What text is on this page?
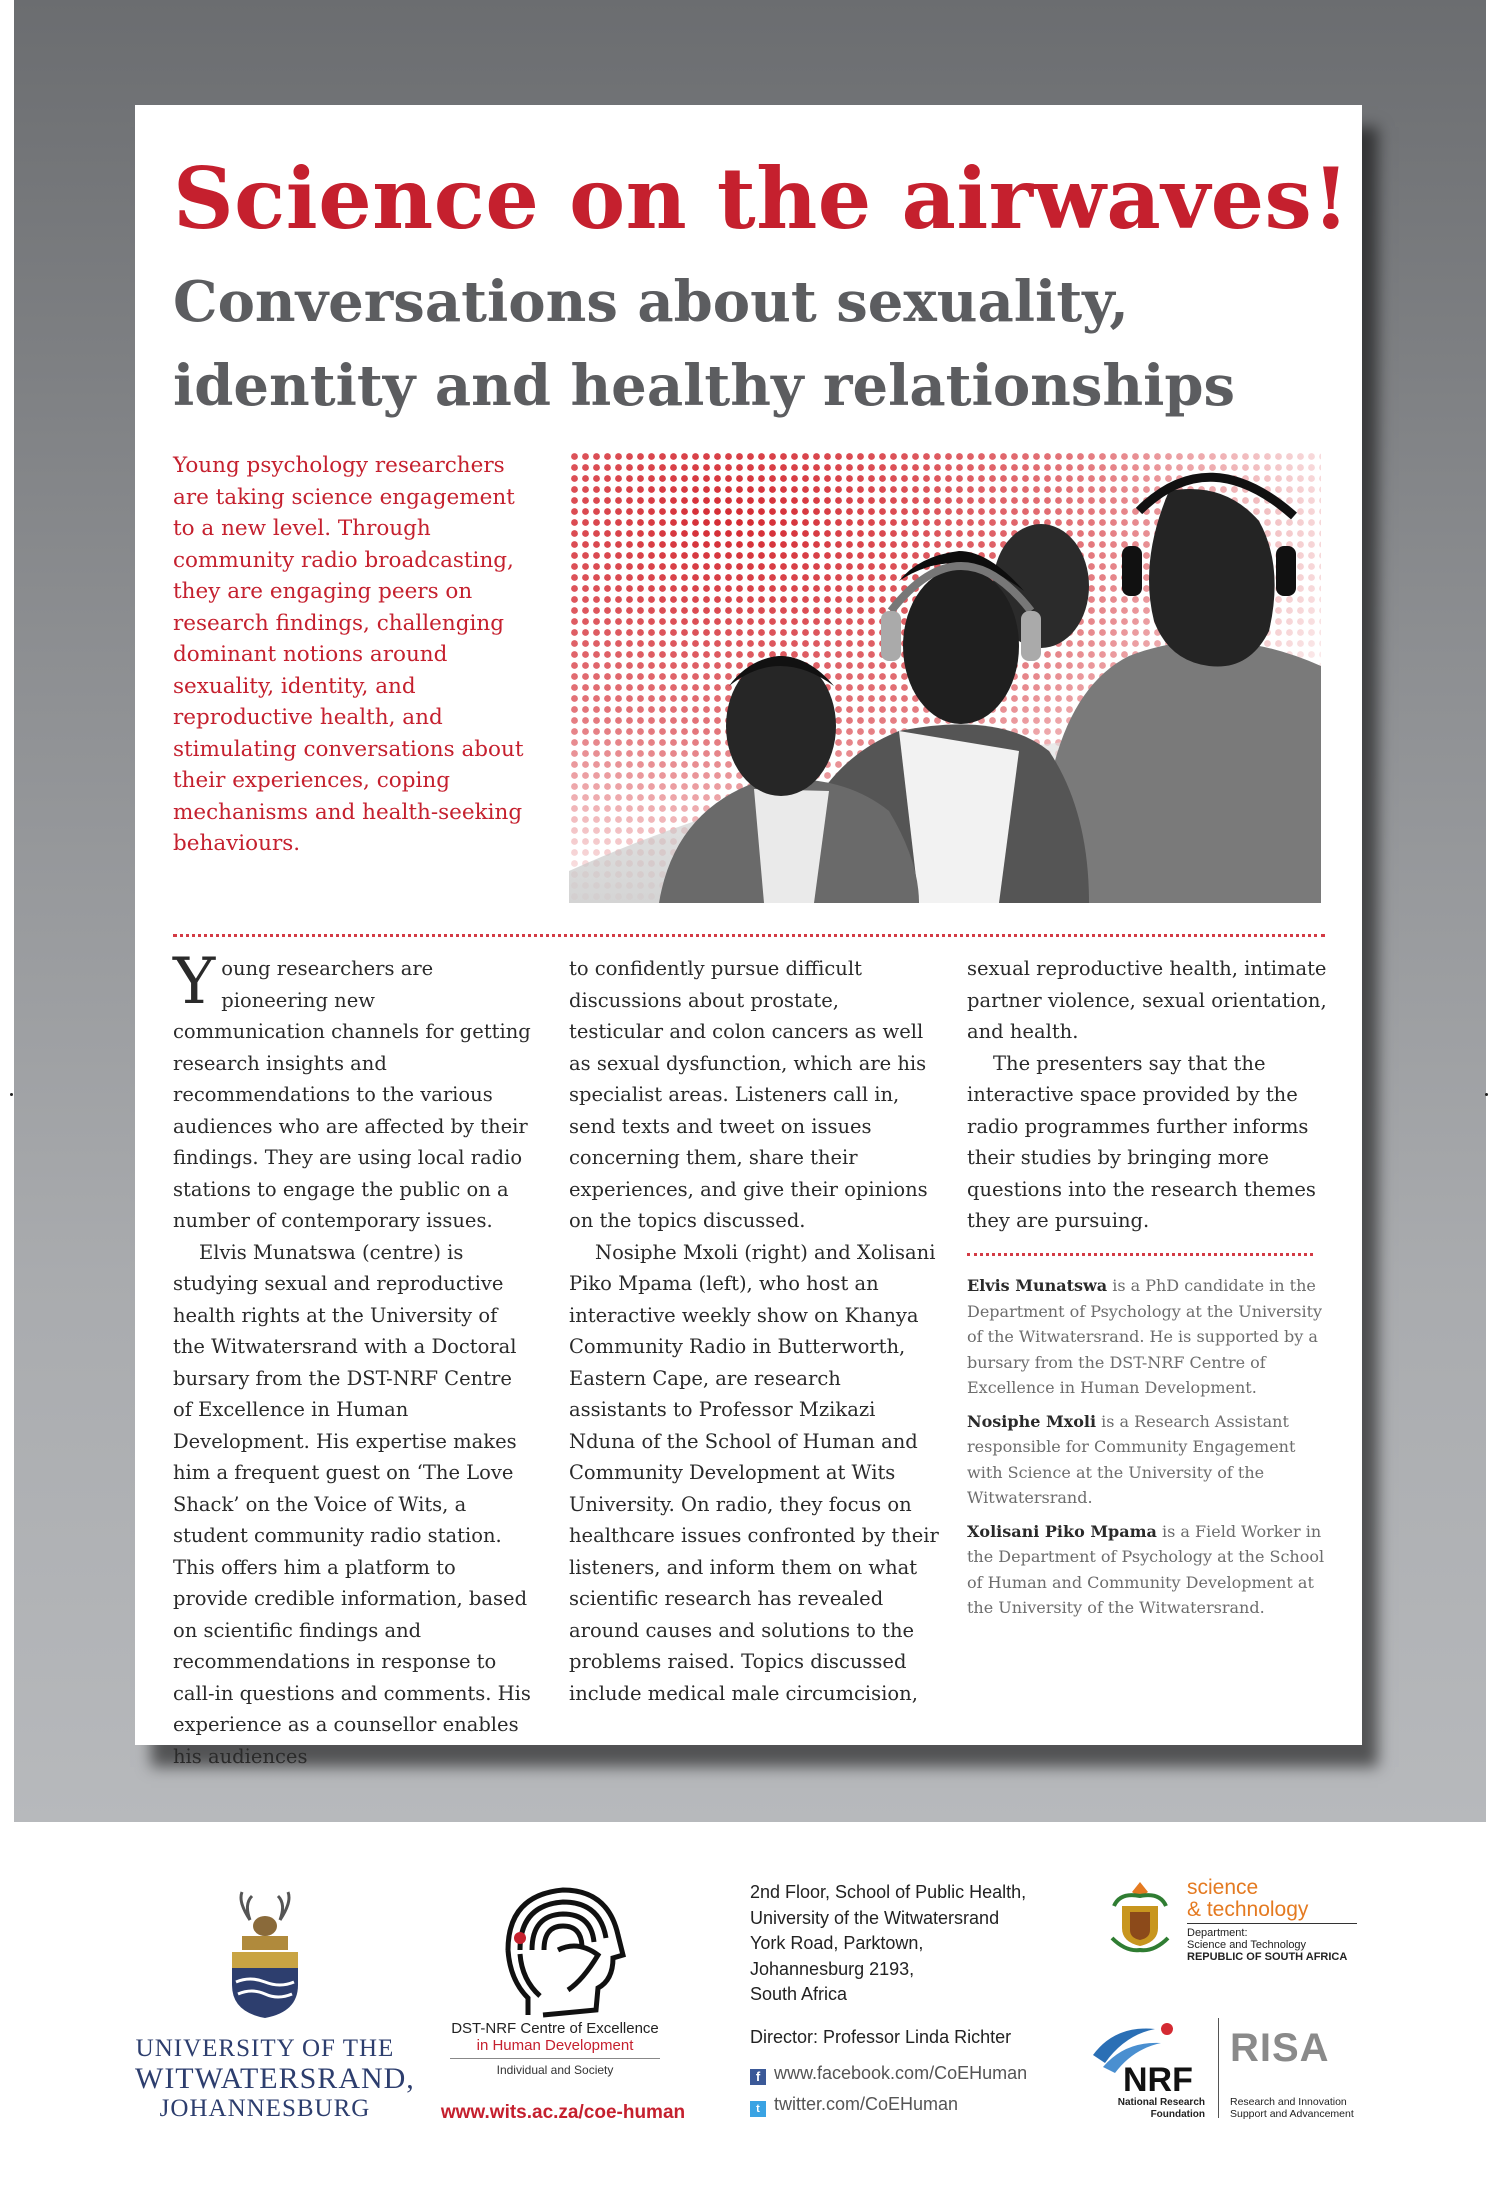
Science on the airwaves!
Conversations about sexuality, identity and healthy relationships

Young psychology researchers are taking science engagement to a new level. Through community radio broadcasting, they are engaging peers on research findings, challenging dominant notions around sexuality, identity, and reproductive health, and stimulating conversations about their experiences, coping mechanisms and health-seeking behaviours.

Young researchers are pioneering new communication channels for getting research insights and recommendations to the various audiences who are affected by their findings. They are using local radio stations to engage the public on a number of contemporary issues.

Elvis Munatswa (centre) is studying sexual and reproductive health rights at the University of the Witwatersrand with a Doctoral bursary from the DST-NRF Centre of Excellence in Human Development. His expertise makes him a frequent guest on ‘The Love Shack’ on the Voice of Wits, a student community radio station. This offers him a platform to provide credible information, based on scientific findings and recommendations in response to call-in questions and comments. His experience as a counsellor enables his audiences

to confidently pursue difficult discussions about prostate, testicular and colon cancers as well as sexual dysfunction, which are his specialist areas. Listeners call in, send texts and tweet on issues concerning them, share their experiences, and give their opinions on the topics discussed.

Nosiphe Mxoli (right) and Xolisani Piko Mpama (left), who host an interactive weekly show on Khanya Community Radio in Butterworth, Eastern Cape, are research assistants to Professor Mzikazi Nduna of the School of Human and Community Development at Wits University. On radio, they focus on healthcare issues confronted by their listeners, and inform them on what scientific research has revealed around causes and solutions to the problems raised. Topics discussed include medical male circumcision,

sexual reproductive health, intimate partner violence, sexual orientation, and health.

The presenters say that the interactive space provided by the radio programmes further informs their studies by bringing more questions into the research themes they are pursuing.

Elvis Munatswa is a PhD candidate in the Department of Psychology at the University of the Witwatersrand. He is supported by a bursary from the DST-NRF Centre of Excellence in Human Development.

Nosiphe Mxoli is a Research Assistant responsible for Community Engagement with Science at the University of the Witwatersrand.

Xolisani Piko Mpama is a Field Worker in the Department of Psychology at the School of Human and Community Development at the University of the Witwatersrand.

UNIVERSITY OF THE
WITWATERSRAND,
JOHANNESBURG
DST-NRF Centre of Excellence
in Human Development
Individual and Society
www.wits.ac.za/coe-human
2nd Floor, School of Public Health,
University of the Witwatersrand
York Road, Parktown,
Johannesburg 2193,
South Africa
Director: Professor Linda Richter
f www.facebook.com/CoEHuman
t twitter.com/CoEHuman
science
& technology
Department:
Science and Technology
REPUBLIC OF SOUTH AFRICA
NRF
National Research
Foundation
RISA
Research and Innovation
Support and Advancement
